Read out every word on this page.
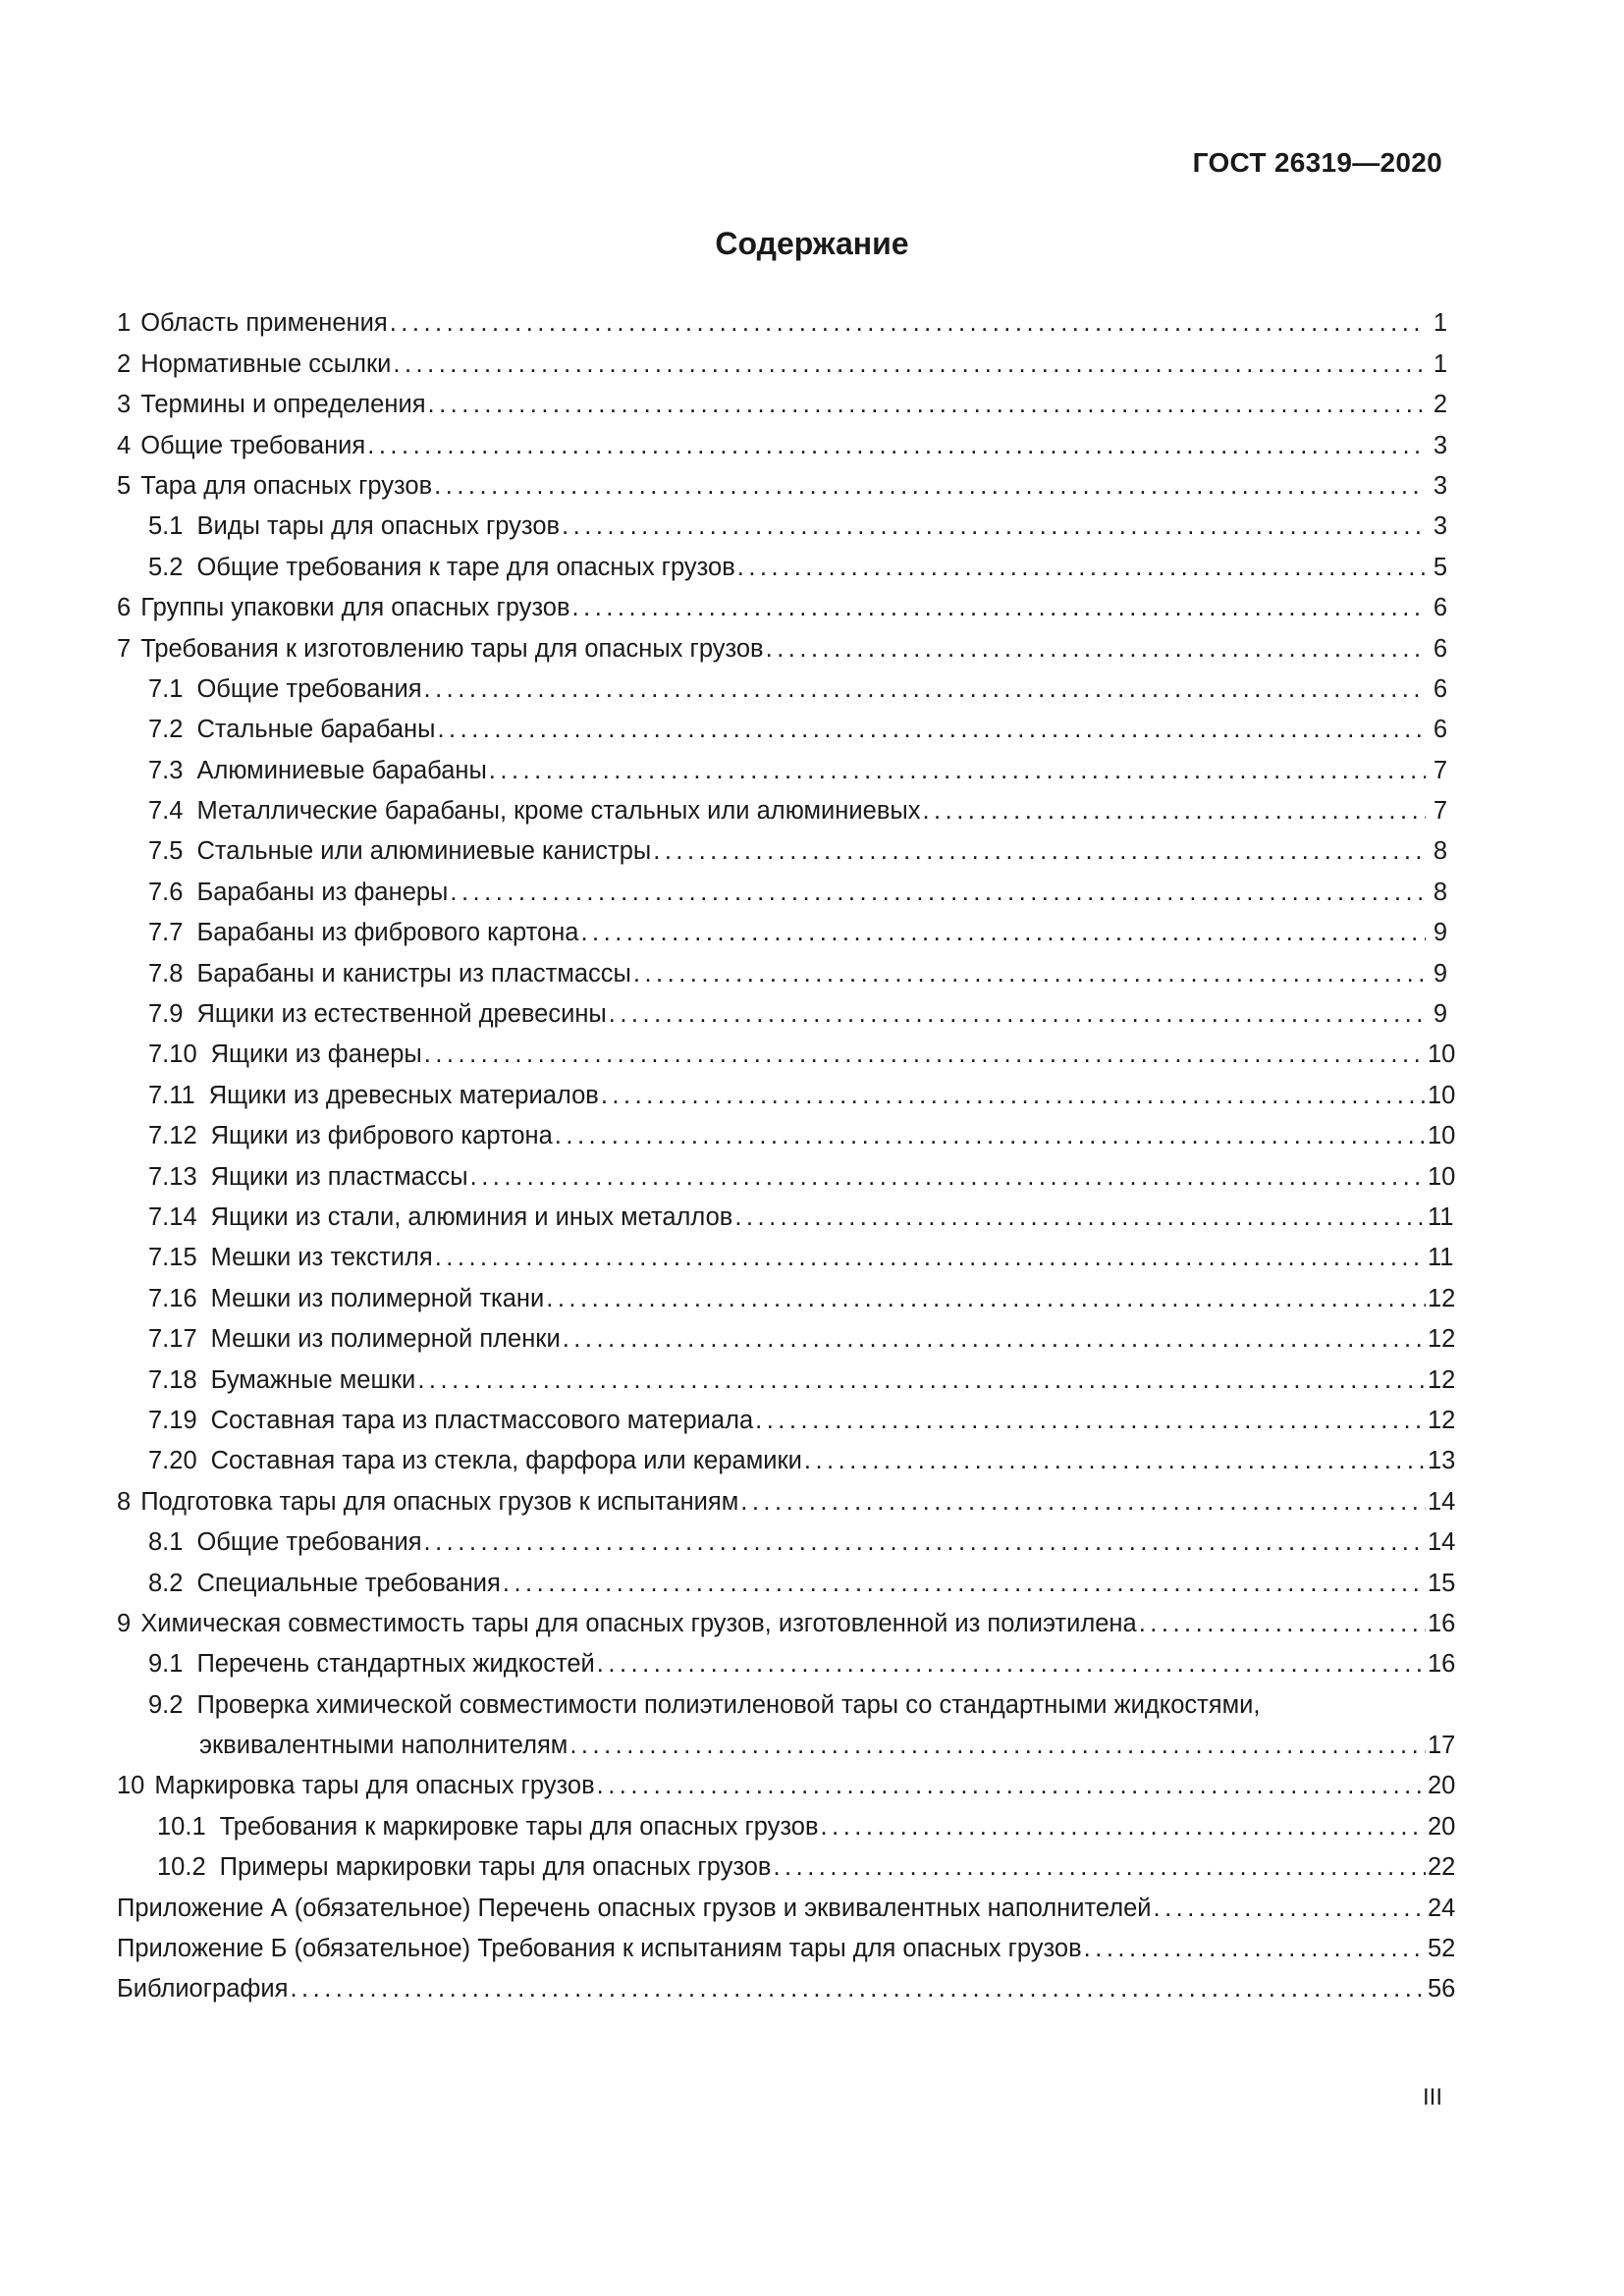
ГОСТ 26319—2020
Содержание
1 Область применения .....	1
2 Нормативные ссылки .....	1
3 Термины и определения .....	2
4 Общие требования .....	3
5 Тара для опасных грузов .....	3
5.1 Виды тары для опасных грузов .....	3
5.2 Общие требования к таре для опасных грузов .....	5
6 Группы упаковки для опасных грузов .....	6
7 Требования к изготовлению тары для опасных грузов .....	6
7.1 Общие требования .....	6
7.2 Стальные барабаны .....	6
7.3 Алюминиевые барабаны .....	7
7.4 Металлические барабаны, кроме стальных или алюминиевых .....	7
7.5 Стальные или алюминиевые канистры .....	8
7.6 Барабаны из фанеры .....	8
7.7 Барабаны из фибрового картона .....	9
7.8 Барабаны и канистры из пластмассы .....	9
7.9 Ящики из естественной древесины .....	9
7.10 Ящики из фанеры .....	10
7.11 Ящики из древесных материалов .....	10
7.12 Ящики из фибрового картона .....	10
7.13 Ящики из пластмассы .....	10
7.14 Ящики из стали, алюминия и иных металлов .....	11
7.15 Мешки из текстиля .....	11
7.16 Мешки из полимерной ткани .....	12
7.17 Мешки из полимерной пленки .....	12
7.18 Бумажные мешки .....	12
7.19 Составная тара из пластмассового материала .....	12
7.20 Составная тара из стекла, фарфора или керамики .....	13
8 Подготовка тары для опасных грузов к испытаниям .....	14
8.1 Общие требования .....	14
8.2 Специальные требования .....	15
9 Химическая совместимость тары для опасных грузов, изготовленной из полиэтилена .....	16
9.1 Перечень стандартных жидкостей .....	16
9.2 Проверка химической совместимости полиэтиленовой тары со стандартными жидкостями,
эквивалентными наполнителям .....	17
10 Маркировка тары для опасных грузов .....	20
10.1 Требования к маркировке тары для опасных грузов .....	20
10.2 Примеры маркировки тары для опасных грузов .....	22
Приложение А (обязательное) Перечень опасных грузов и эквивалентных наполнителей .....	24
Приложение Б (обязательное) Требования к испытаниям тары для опасных грузов .....	52
Библиография .....	56
III
